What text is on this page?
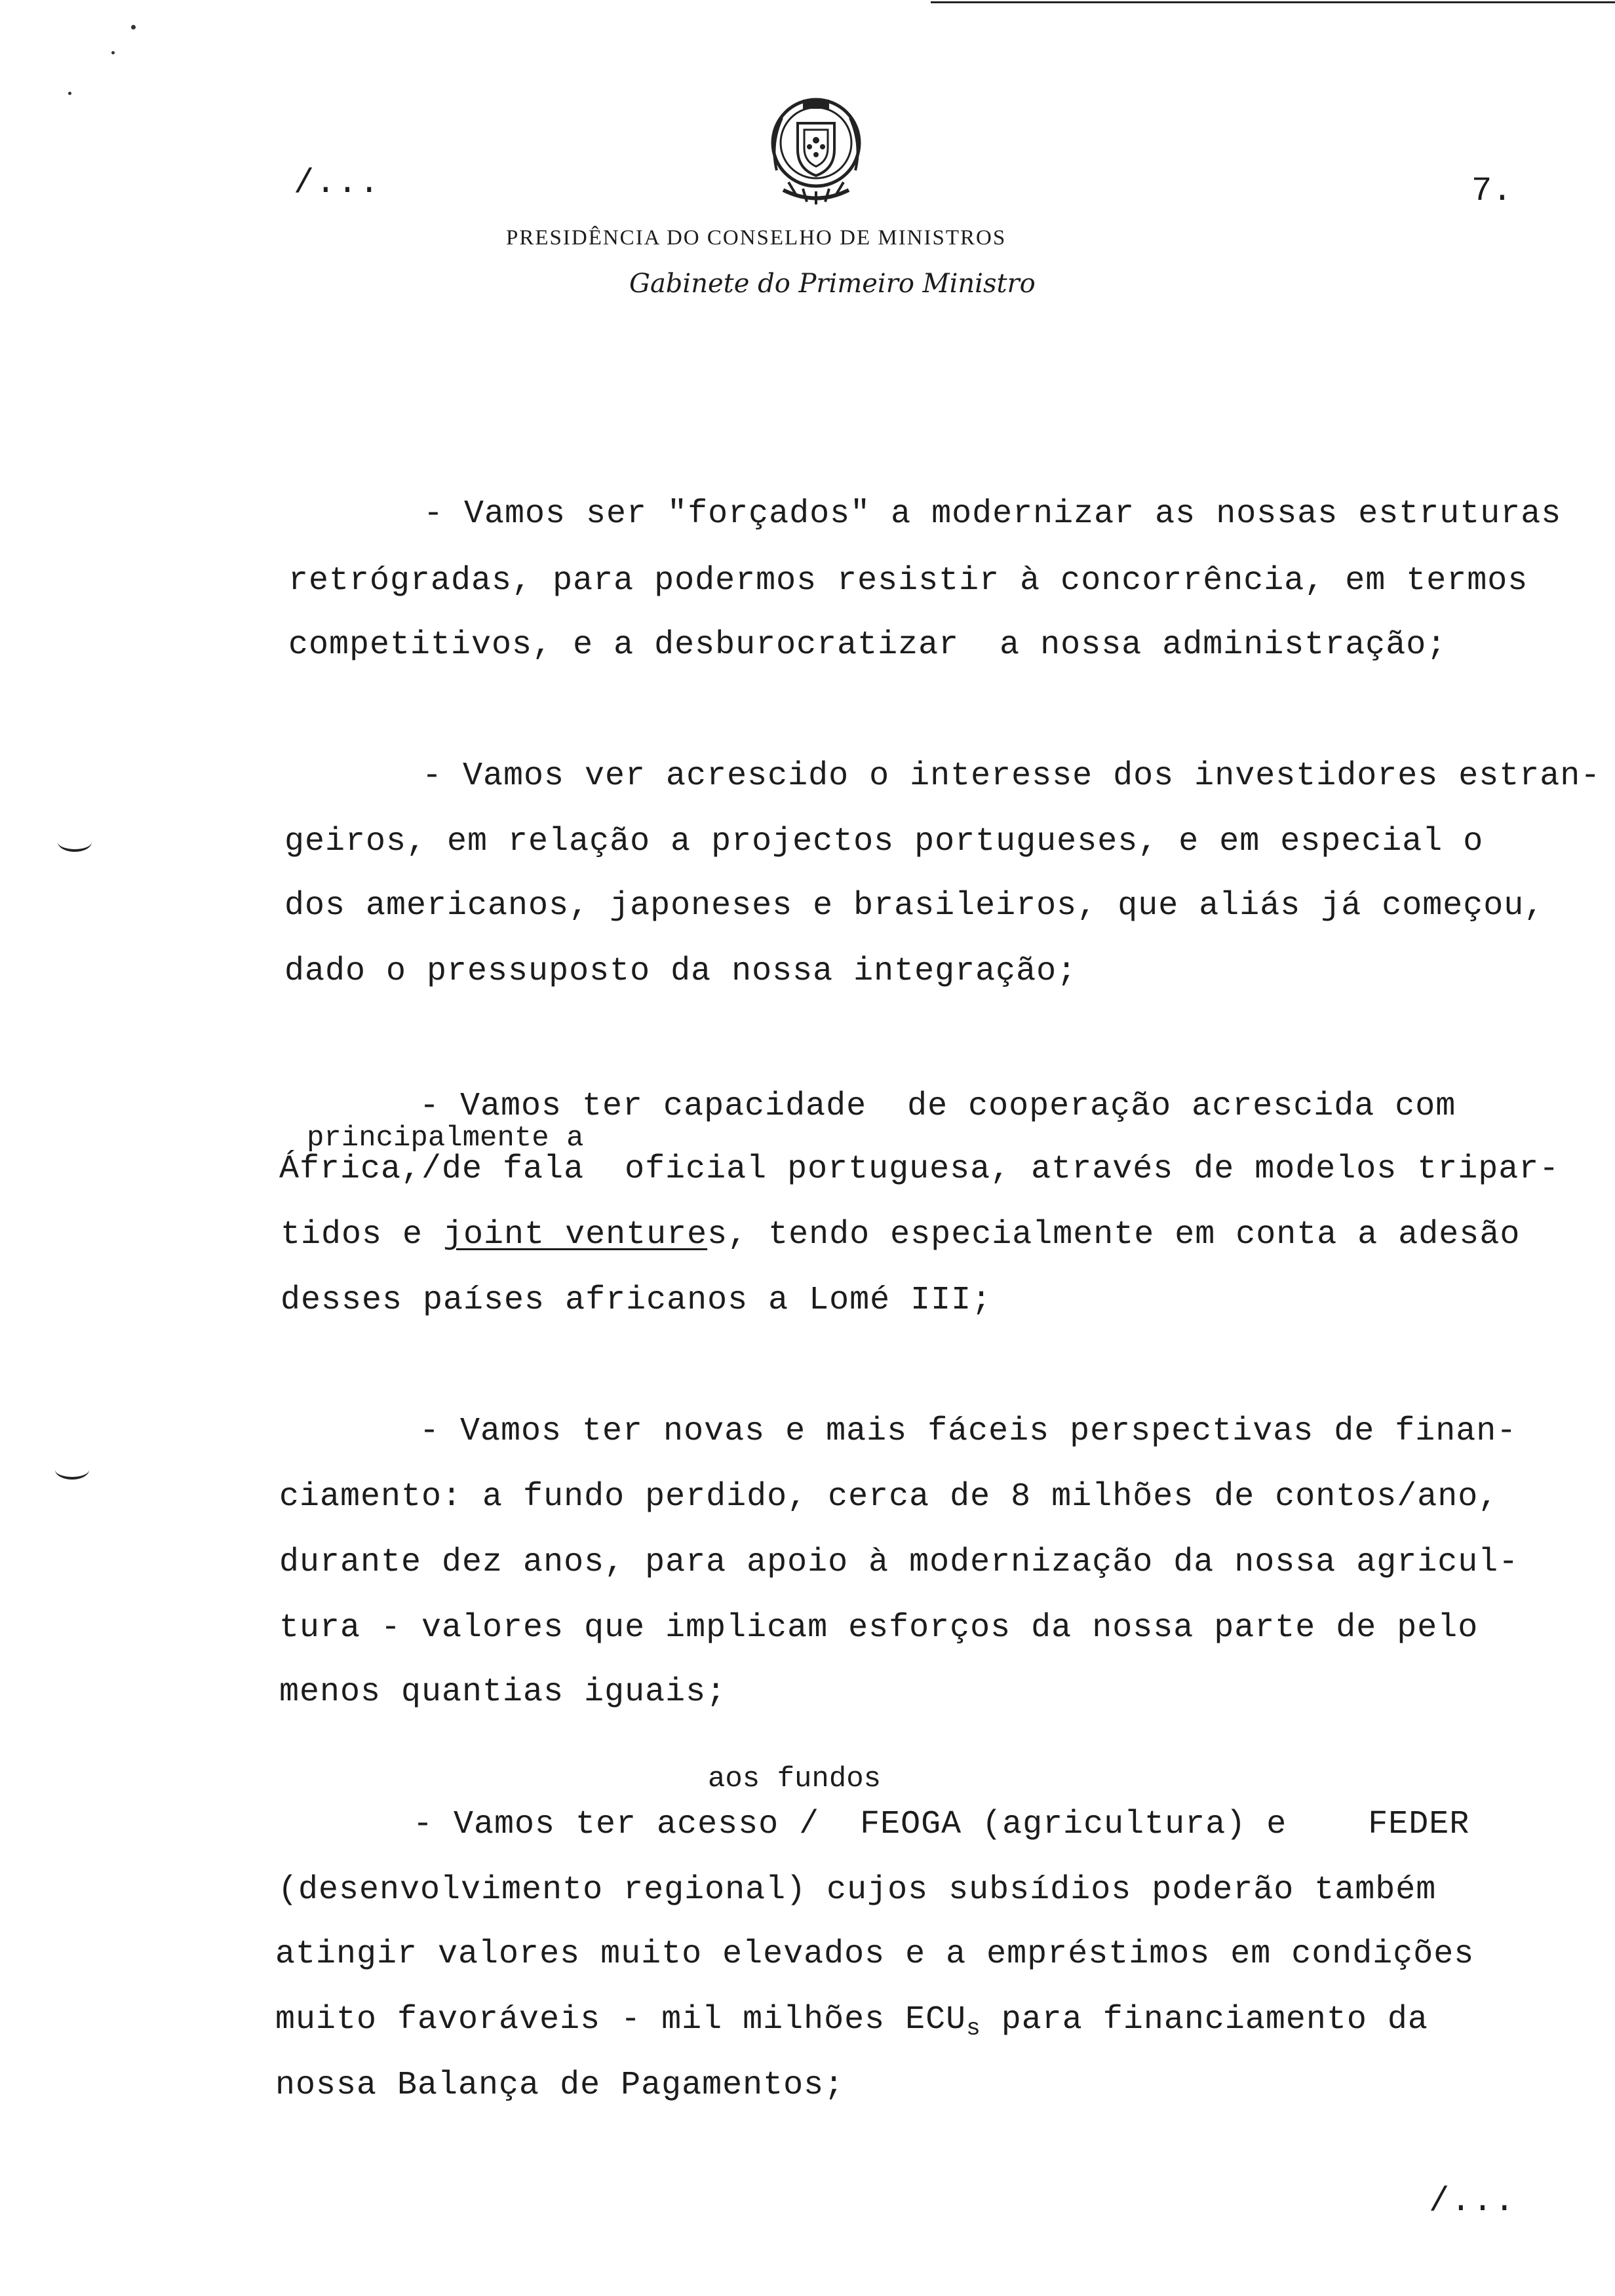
/...	7.
PRESIDÊNCIA DO CONSELHO DE MINISTROS
Gabinete do Primeiro Ministro
- Vamos ser "forçados" a modernizar as nossas estruturas
retrógradas, para podermos resistir à concorrência, em termos
competitivos, e a desburocratizar  a nossa administração;
- Vamos ver acrescido o interesse dos investidores estran-
geiros, em relação a projectos portugueses, e em especial o
dos americanos, japoneses e brasileiros, que aliás já começou,
dado o pressuposto da nossa integração;
- Vamos ter capacidade  de cooperação acrescida com
principalmente a
África,/de fala  oficial portuguesa, através de modelos tripar-
tidos e joint ventures, tendo especialmente em conta a adesão
desses países africanos a Lomé III;
- Vamos ter novas e mais fáceis perspectivas de finan-
ciamento: a fundo perdido, cerca de 8 milhões de contos/ano,
durante dez anos, para apoio à modernização da nossa agricul-
tura - valores que implicam esforços da nossa parte de pelo
menos quantias iguais;
aos fundos
- Vamos ter acesso /  FEOGA (agricultura) e    FEDER
(desenvolvimento regional) cujos subsídios poderão também
atingir valores muito elevados e a empréstimos em condições
muito favoráveis - mil milhões $ECU_s$ para financiamento da
nossa Balança de Pagamentos;
/...
